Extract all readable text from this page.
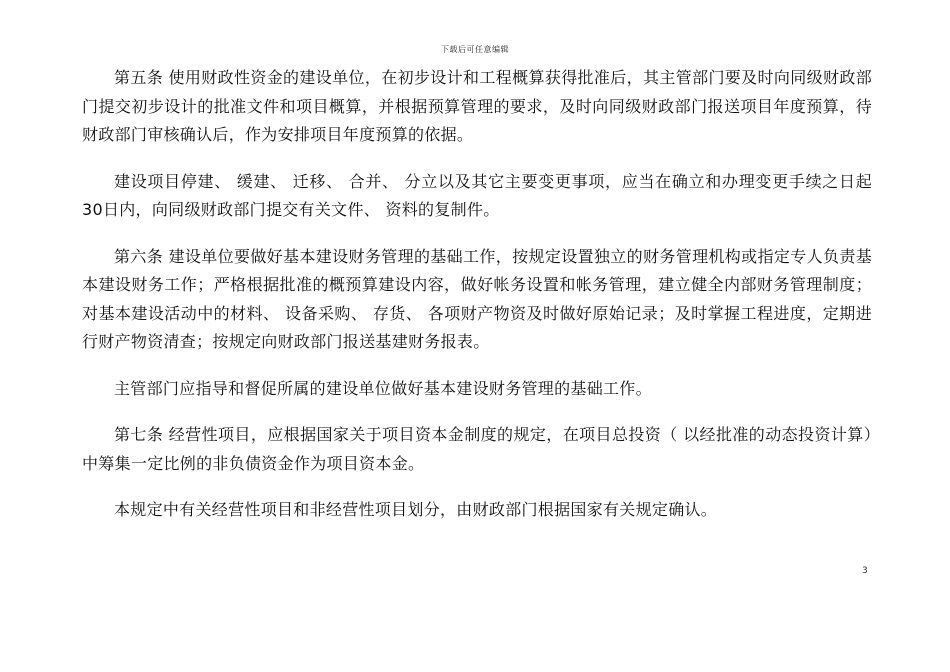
下载后可任意编辑

第五条 使用财政性资金的建设单位，在初步设计和工程概算获得批准后，其主管部门要及时向同级财政部门提交初步设计的批准文件和项目概算，并根据预算管理的要求，及时向同级财政部门报送项目年度预算，待财政部门审核确认后，作为安排项目年度预算的依据。

建设项目停建、 缓建、 迁移、 合并、 分立以及其它主要变更事项，应当在确立和办理变更手续之日起30日内，向同级财政部门提交有关文件、 资料的复制件。

第六条 建设单位要做好基本建设财务管理的基础工作，按规定设置独立的财务管理机构或指定专人负责基本建设财务工作；严格根据批准的概预算建设内容，做好帐务设置和帐务管理，建立健全内部财务管理制度；对基本建设活动中的材料、 设备采购、 存货、 各项财产物资及时做好原始记录；及时掌握工程进度，定期进行财产物资清查；按规定向财政部门报送基建财务报表。

主管部门应指导和督促所属的建设单位做好基本建设财务管理的基础工作。

第七条 经营性项目，应根据国家关于项目资本金制度的规定，在项目总投资（ 以经批准的动态投资计算）中筹集一定比例的非负债资金作为项目资本金。

本规定中有关经营性项目和非经营性项目划分，由财政部门根据国家有关规定确认。

3
